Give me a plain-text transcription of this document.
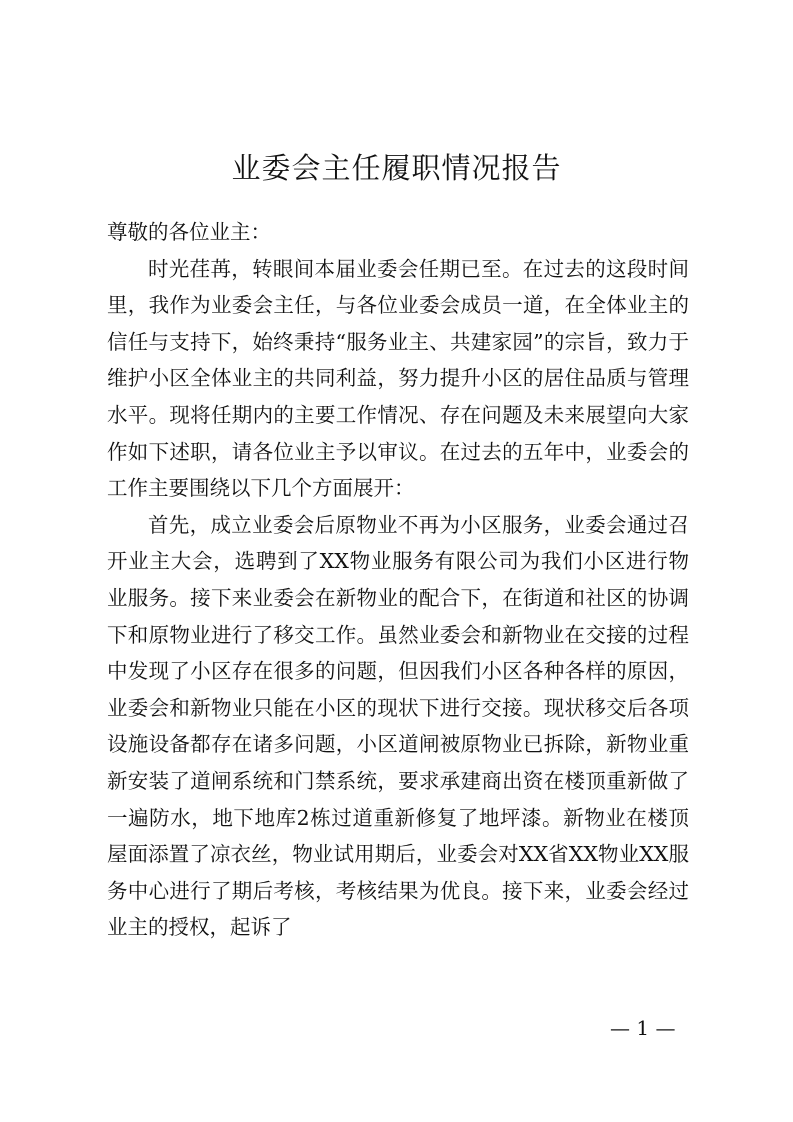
业委会主任履职情况报告

尊敬的各位业主：

时光荏苒，转眼间本届业委会任期已至。在过去的这段时间里，我作为业委会主任，与各位业委会成员一道，在全体业主的信任与支持下，始终秉持“服务业主、共建家园”的宗旨，致力于维护小区全体业主的共同利益，努力提升小区的居住品质与管理水平。现将任期内的主要工作情况、存在问题及未来展望向大家作如下述职，请各位业主予以审议。在过去的五年中，业委会的工作主要围绕以下几个方面展开：

首先，成立业委会后原物业不再为小区服务，业委会通过召开业主大会，选聘到了XX物业服务有限公司为我们小区进行物业服务。接下来业委会在新物业的配合下，在街道和社区的协调下和原物业进行了移交工作。虽然业委会和新物业在交接的过程中发现了小区存在很多的问题，但因我们小区各种各样的原因，业委会和新物业只能在小区的现状下进行交接。现状移交后各项设施设备都存在诸多问题，小区道闸被原物业已拆除，新物业重新安装了道闸系统和门禁系统，要求承建商出资在楼顶重新做了一遍防水，地下地库2栋过道重新修复了地坪漆。新物业在楼顶屋面添置了凉衣丝，物业试用期后，业委会对XX省XX物业XX服务中心进行了期后考核，考核结果为优良。接下来，业委会经过业主的授权，起诉了

— 1 —
